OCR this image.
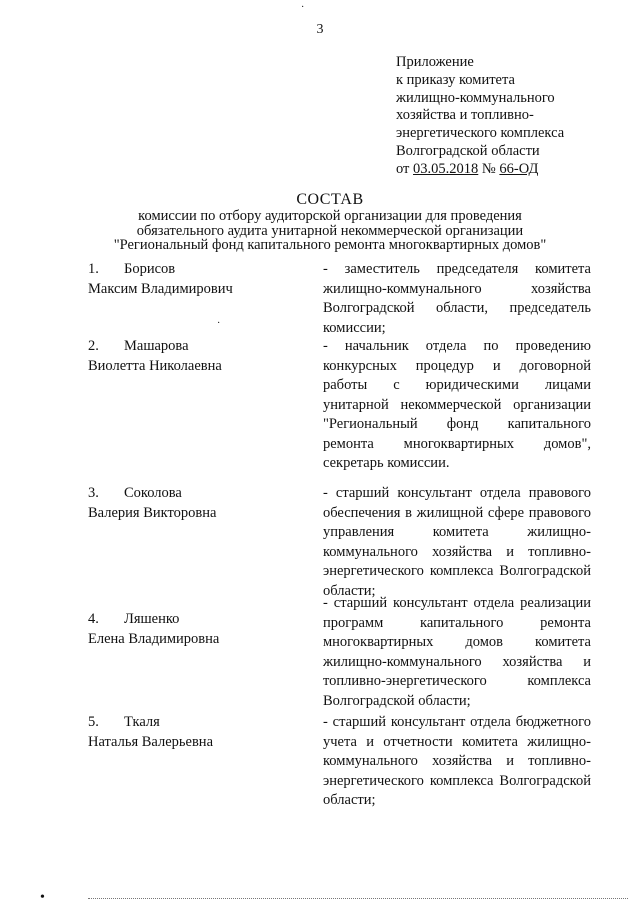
3
Приложение
к приказу комитета
жилищно-коммунального
хозяйства и топливно-
энергетического комплекса
Волгоградской области
от 03.05.2018 № 66-ОД
СОСТАВ
комиссии по отбору аудиторской организации для проведения
обязательного аудита унитарной некоммерческой организации
"Региональный фонд капитального ремонта многоквартирных домов"
1. Борисов
Максим Владимирович
- заместитель председателя комитета жилищно-коммунального хозяйства Волгоградской области, председатель комиссии;
2. Машарова
Виолетта Николаевна
- начальник отдела по проведению конкурсных процедур и договорной работы с юридическими лицами унитарной некоммерческой организации "Региональный фонд капитального ремонта многоквартирных домов", секретарь комиссии.
3. Соколова
Валерия Викторовна
- старший консультант отдела правового обеспечения в жилищной сфере правового управления комитета жилищно-коммунального хозяйства и топливно-энергетического комплекса Волгоградской области;
4. Ляшенко
Елена Владимировна
- старший консультант отдела реализации программ капитального ремонта многоквартирных домов комитета жилищно-коммунального хозяйства и топливно-энергетического комплекса Волгоградской области;
5. Ткаля
Наталья Валерьевна
- старший консультант отдела бюджетного учета и отчетности комитета жилищно-коммунального хозяйства и топливно-энергетического комплекса Волгоградской области;
·
·
•
